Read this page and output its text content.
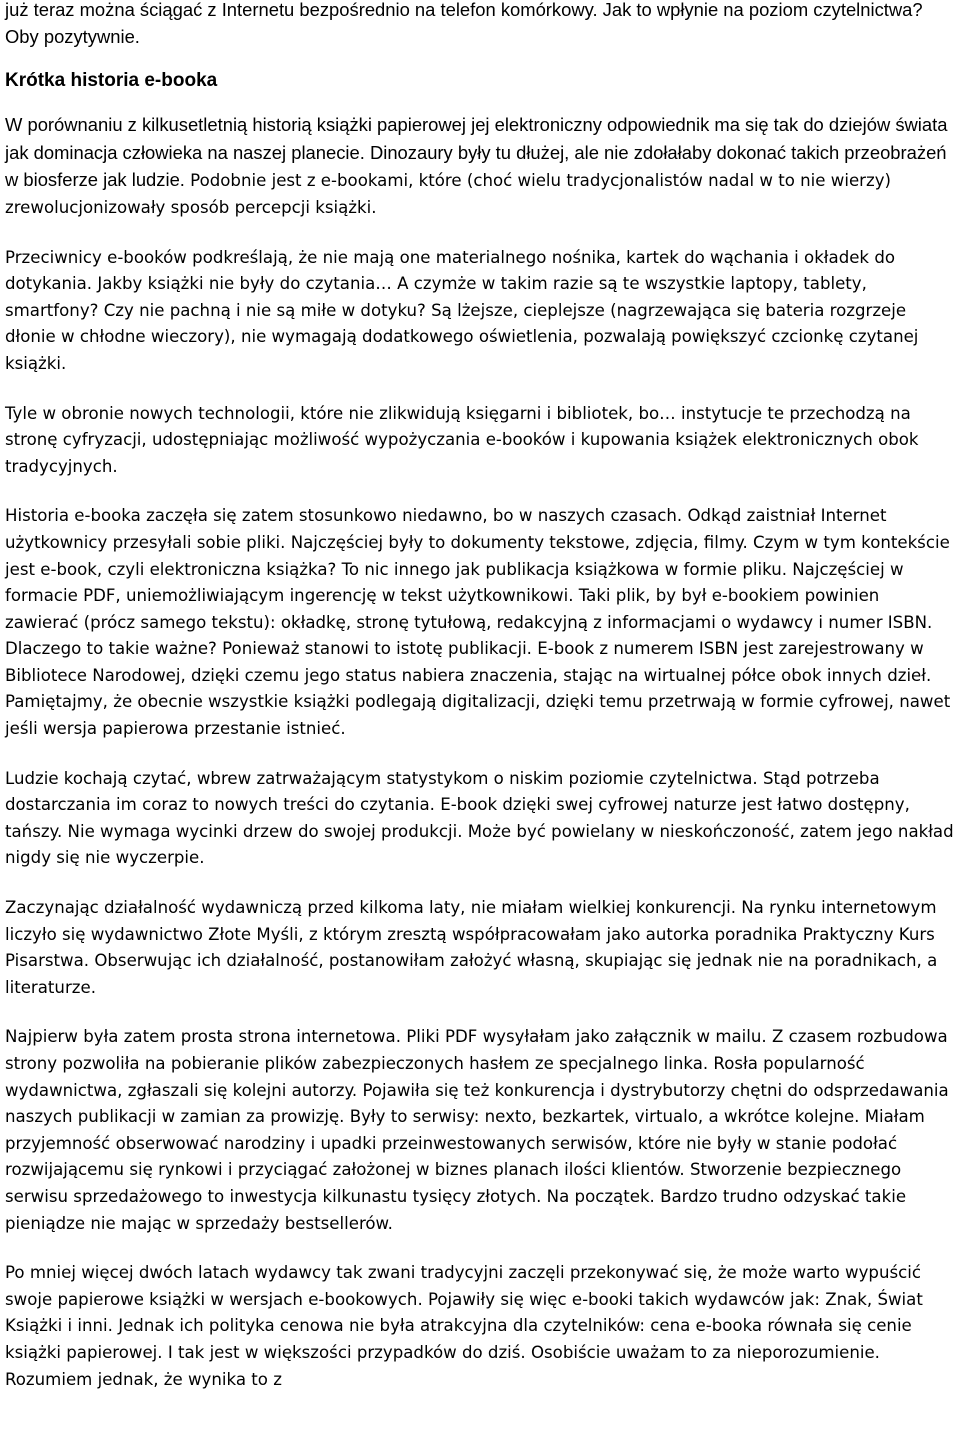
już teraz można ściągać z Internetu bezpośrednio na telefon komórkowy. Jak to wpłynie na poziom czytelnictwa? Oby pozytywnie.

Krótka historia e-booka

W porównaniu z kilkusetletnią historią książki papierowej jej elektroniczny odpowiednik ma się tak do dziejów świata jak dominacja człowieka na naszej planecie. Dinozaury były tu dłużej, ale nie zdołałaby dokonać takich przeobrażeń w biosferze jak ludzie. Podobnie jest z e-bookami, które (choć wielu tradycjonalistów nadal w to nie wierzy) zrewolucjonizowały sposób percepcji książki.

Przeciwnicy e-booków podkreślają, że nie mają one materialnego nośnika, kartek do wąchania i okładek do dotykania. Jakby książki nie były do czytania… A czymże w takim razie są te wszystkie laptopy, tablety, smartfony? Czy nie pachną i nie są miłe w dotyku? Są lżejsze, cieplejsze (nagrzewająca się bateria rozgrzeje dłonie w chłodne wieczory), nie wymagają dodatkowego oświetlenia, pozwalają powiększyć czcionkę czytanej książki.

Tyle w obronie nowych technologii, które nie zlikwidują księgarni i bibliotek, bo… instytucje te przechodzą na stronę cyfryzacji, udostępniając możliwość wypożyczania e-booków i kupowania książek elektronicznych obok tradycyjnych.

Historia e-booka zaczęła się zatem stosunkowo niedawno, bo w naszych czasach. Odkąd zaistniał Internet użytkownicy przesyłali sobie pliki. Najczęściej były to dokumenty tekstowe, zdjęcia, filmy. Czym w tym kontekście jest e-book, czyli elektroniczna książka? To nic innego jak publikacja książkowa w formie pliku. Najczęściej w formacie PDF, uniemożliwiającym ingerencję w tekst użytkownikowi. Taki plik, by był e-bookiem powinien zawierać (prócz samego tekstu): okładkę, stronę tytułową, redakcyjną z informacjami o wydawcy i numer ISBN. Dlaczego to takie ważne? Ponieważ stanowi to istotę publikacji. E-book z numerem ISBN jest zarejestrowany w Bibliotece Narodowej, dzięki czemu jego status nabiera znaczenia, stając na wirtualnej półce obok innych dzieł. Pamiętajmy, że obecnie wszystkie książki podlegają digitalizacji, dzięki temu przetrwają w formie cyfrowej, nawet jeśli wersja papierowa przestanie istnieć.

Ludzie kochają czytać, wbrew zatrważającym statystykom o niskim poziomie czytelnictwa. Stąd potrzeba dostarczania im coraz to nowych treści do czytania. E-book dzięki swej cyfrowej naturze jest łatwo dostępny, tańszy. Nie wymaga wycinki drzew do swojej produkcji. Może być powielany w nieskończoność, zatem jego nakład nigdy się nie wyczerpie.

Zaczynając działalność wydawniczą przed kilkoma laty, nie miałam wielkiej konkurencji. Na rynku internetowym liczyło się wydawnictwo Złote Myśli, z którym zresztą współpracowałam jako autorka poradnika Praktyczny Kurs Pisarstwa. Obserwując ich działalność, postanowiłam założyć własną, skupiając się jednak nie na poradnikach, a literaturze.

Najpierw była zatem prosta strona internetowa. Pliki PDF wysyłałam jako załącznik w mailu. Z czasem rozbudowa strony pozwoliła na pobieranie plików zabezpieczonych hasłem ze specjalnego linka. Rosła popularność wydawnictwa, zgłaszali się kolejni autorzy. Pojawiła się też konkurencja i dystrybutorzy chętni do odsprzedawania naszych publikacji w zamian za prowizję. Były to serwisy: nexto, bezkartek, virtualo, a wkrótce kolejne. Miałam przyjemność obserwować narodziny i upadki przeinwestowanych serwisów, które nie były w stanie podołać rozwijającemu się rynkowi i przyciągać założonej w biznes planach ilości klientów. Stworzenie bezpiecznego serwisu sprzedażowego to inwestycja kilkunastu tysięcy złotych. Na początek. Bardzo trudno odzyskać takie pieniądze nie mając w sprzedaży bestsellerów.

Po mniej więcej dwóch latach wydawcy tak zwani tradycyjni zaczęli przekonywać się, że może warto wypuścić swoje papierowe książki w wersjach e-bookowych. Pojawiły się więc e-booki takich wydawców jak: Znak, Świat Książki i inni. Jednak ich polityka cenowa nie była atrakcyjna dla czytelników: cena e-booka równała się cenie książki papierowej. I tak jest w większości przypadków do dziś. Osobiście uważam to za nieporozumienie. Rozumiem jednak, że wynika to z
